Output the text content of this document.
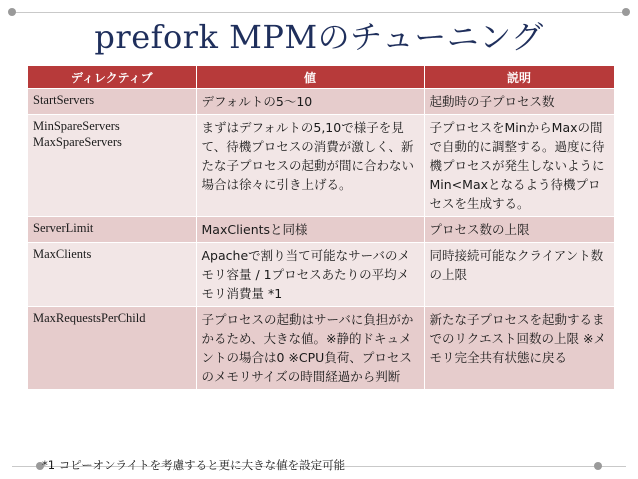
prefork MPMのチューニング
ディレクティブ	値	説明

StartServers	デフォルトの5〜10	起動時の子プロセス数

MinSpareServers
MaxSpareServers	まずはデフォルトの5,10で様子を見て、待機プロセスの消費が激しく、新たな子プロセスの起動が間に合わない場合は徐々に引き上げる。	子プロセスをMinからMaxの間で自動的に調整する。過度に待機プロセスが発生しないようにMin<Maxとなるよう待機プロセスを生成する。

ServerLimit	MaxClientsと同様	プロセス数の上限

MaxClients	Apacheで割り当て可能なサーバのメモリ容量 / 1プロセスあたりの平均メモリ消費量 *1	同時接続可能なクライアント数の上限

MaxRequestsPerChild	子プロセスの起動はサーバに負担がかかるため、大きな値。※静的ドキュメントの場合は0 ※CPU負荷、プロセスのメモリサイズの時間経過から判断	新たな子プロセスを起動するまでのリクエスト回数の上限 ※メモリ完全共有状態に戻る
*1 コピーオンライトを考慮すると更に大きな値を設定可能
